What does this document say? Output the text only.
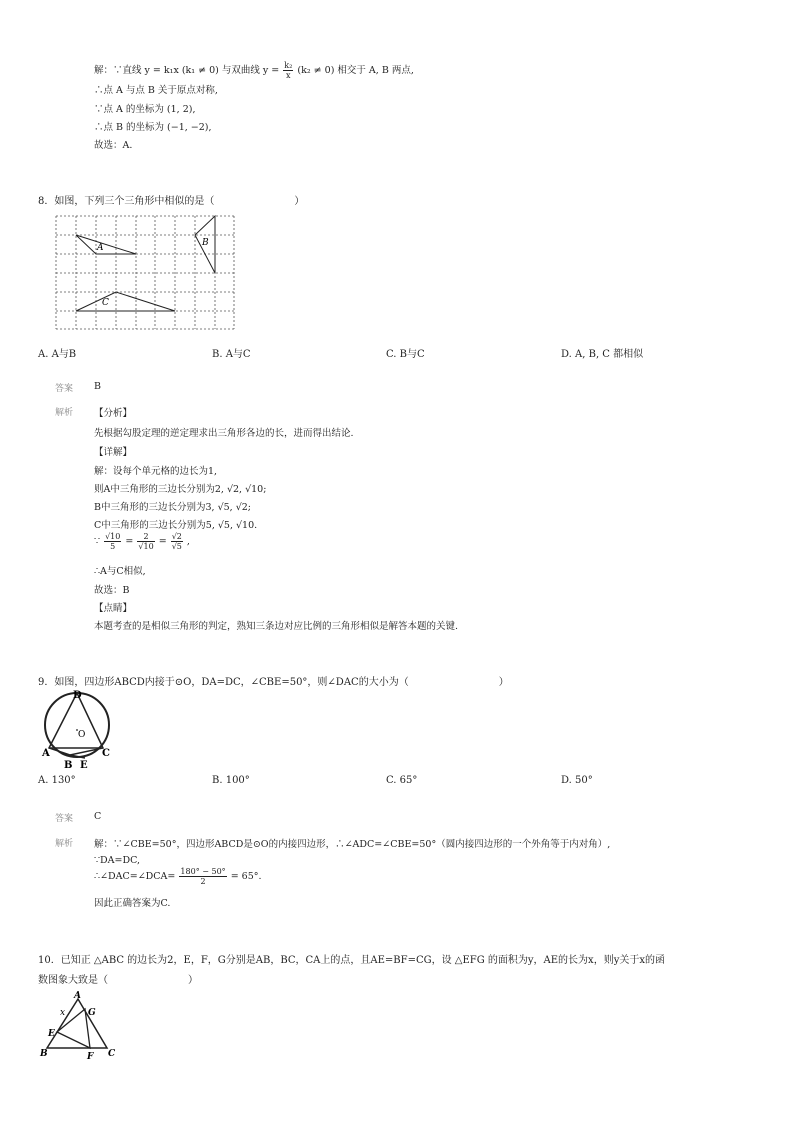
解：∵直线 y = k₁x (k₁ ≠ 0) 与双曲线 $y = \frac{\text{k₂}}{x} (k_2 \ne 0)$ 相交于 A, B 两点,
∴点 A 与点 B 关于原点对称,
∵点 A 的坐标为 (1, 2),
∴点 B 的坐标为 (−1, −2),
故选：A.
8．如图，下列三个三角形中相似的是（　　　　　　　　）
A	B
C
A. A与B	B. A与C	C. B与C	D. A, B, C 都相似
答案 B
解析 【分析】
先根据勾股定理的逆定理求出三角形各边的长，进而得出结论.
【详解】
解：设每个单元格的边长为1,
则A中三角形的三边长分别为2, √2, √10;
B中三角形的三边长分别为3, √5, √2;
C中三角形的三边长分别为5, √5, √10.
∵ $\frac{√10}{5} = \frac{2}{√10} = \frac{√2}{√5}$ ,
∴A与C相似,
故选：B
【点睛】
本题考查的是相似三角形的判定，熟知三条边对应比例的三角形相似是解答本题的关键.
9．如图，四边形ABCD内接于⊙O，DA=DC，∠CBE=50°，则∠DAC的大小为（　　　　　　　　　）
D
O
A
B E
C
A. 130°	B. 100°	C. 65°	D. 50°
答案 C
解析 解：∵∠CBE=50°，四边形ABCD是⊙O的内接四边形，∴∠ADC=∠CBE=50°（圆内接四边形的一个外角等于内对角）,
∵DA=DC,
∴∠DAC=∠DCA= $\frac{180^\circ - 50^\circ}{2} = 65^\circ$.
因此正确答案为C.
10．已知正 △ABC 的边长为2，E，F，G分别是AB，BC，CA上的点，且AE=BF=CG，设 △EFG 的面积为y，AE的长为x，则y关于x的函
数图象大致是（　　　　　　　　）
A
x	G
E
B	F C
